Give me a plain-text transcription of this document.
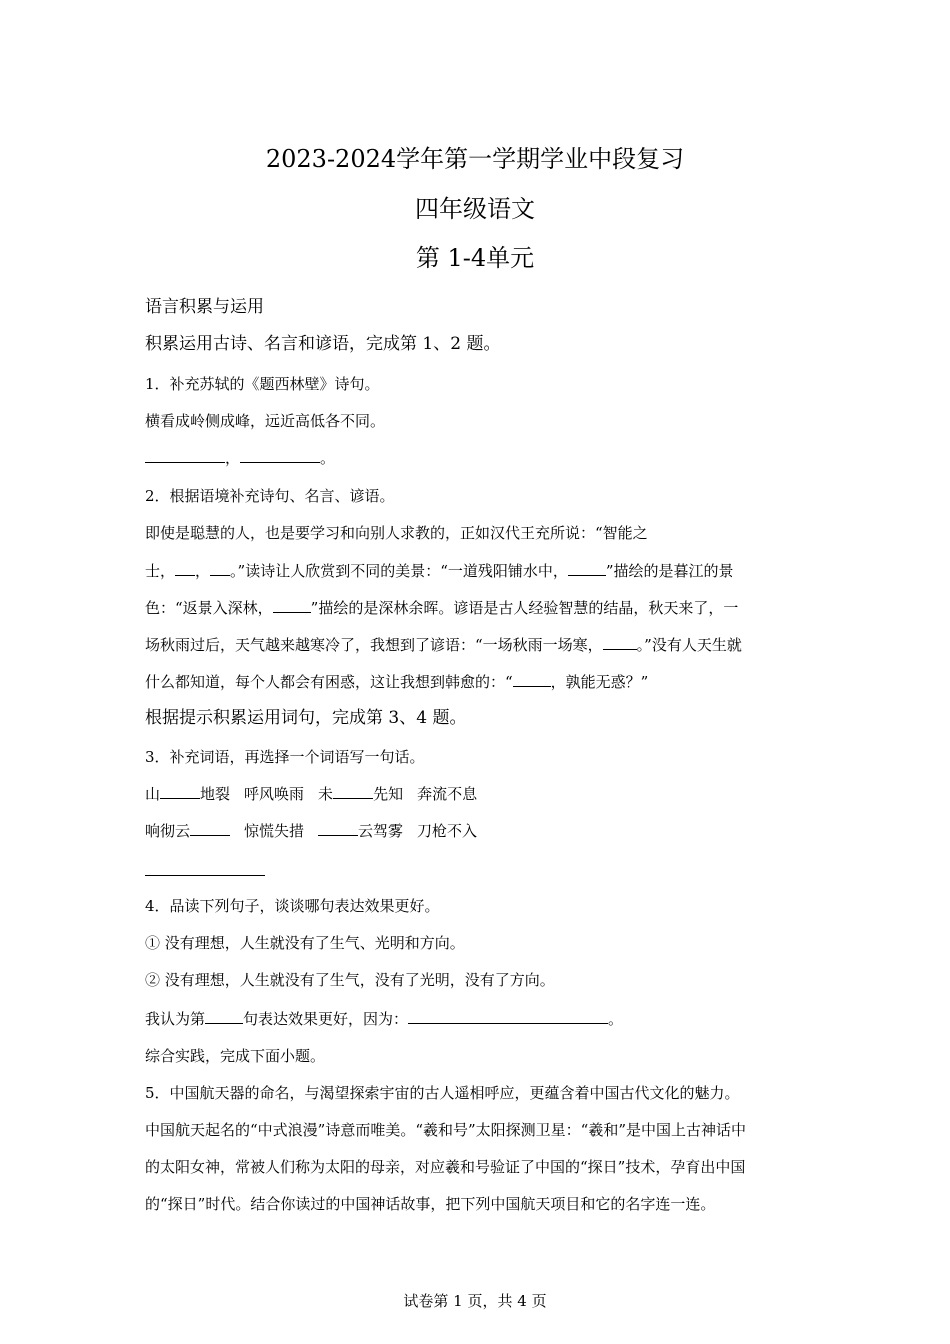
2023-2024学年第一学期学业中段复习
四年级语文
第 1-4单元
语言积累与运用
积累运用古诗、名言和谚语，完成第 1、2 题。
1．补充苏轼的《题西林壁》诗句。
横看成岭侧成峰，远近高低各不同。
，	。
2．根据语境补充诗句、名言、谚语。
即使是聪慧的人，也是要学习和向别人求教的，正如汉代王充所说：“智能之
士， ， 。”读诗让人欣赏到不同的美景：“一道残阳铺水中，	”描绘的是暮江的景
色：“返景入深林，	”描绘的是深林余晖。谚语是古人经验智慧的结晶，秋天来了，一
场秋雨过后，天气越来越寒冷了，我想到了谚语：“一场秋雨一场寒， 。”没有人天生就
什么都知道，每个人都会有困惑，这让我想到韩愈的：“	，孰能无惑？”
根据提示积累运用词句，完成第 3、4 题。
3．补充词语，再选择一个词语写一句话。
山	地裂 呼风唤雨 未	先知 奔流不息
响彻云	惊慌失措	云驾雾 刀枪不入
4．品读下列句子，谈谈哪句表达效果更好。
① 没有理想，人生就没有了生气、光明和方向。
② 没有理想，人生就没有了生气，没有了光明，没有了方向。
我认为第	句表达效果更好，因为：	。
综合实践，完成下面小题。
5．中国航天器的命名，与渴望探索宇宙的古人遥相呼应，更蕴含着中国古代文化的魅力。
中国航天起名的“中式浪漫”诗意而唯美。“羲和号”太阳探测卫星：“羲和”是中国上古神话中
的太阳女神，常被人们称为太阳的母亲，对应羲和号验证了中国的“探日”技术，孕育出中国
的“探日”时代。结合你读过的中国神话故事，把下列中国航天项目和它的名字连一连。
试卷第 1 页，共 4 页
